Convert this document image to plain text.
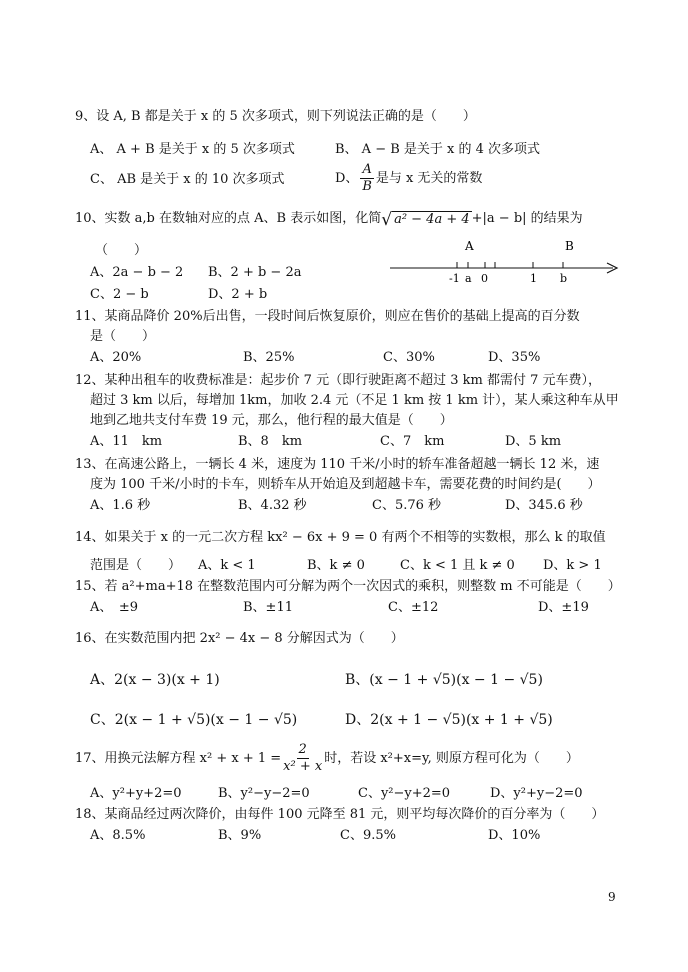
9、设 A, B 都是关于 x 的 5 次多项式，则下列说法正确的是（　　）
A、 A + B 是关于 x 的 5 次多项式	B、 A − B 是关于 x 的 4 次多项式
C、 AB 是关于 x 的 10 次多项式	D、 $\frac{A}{B}$ 是与 x 无关的常数
10、实数 a,b 在数轴对应的点 A、B 表示如图，化简 √ a² − 4a + 4 +|a − b| 的结果为
（　　）
A、2a − b − 2 B、2 + b − 2a
C、2 − b	D、2 + b
A	B
-1 a 0	1 b
11、某商品降价 20%后出售，一段时间后恢复原价，则应在售价的基础上提高的百分数
是（　　）
A、20%	B、25%	C、30%	D、35%
12、某种出租车的收费标准是：起步价 7 元（即行驶距离不超过 3 km 都需付 7 元车费），
超过 3 km 以后，每增加 1km，加收 2.4 元（不足 1 km 按 1 km 计），某人乘这种车从甲
地到乙地共支付车费 19 元，那么，他行程的最大值是（　　）
A、11　km	B、8　km	C、7　km	D、5 km
13、在高速公路上，一辆长 4 米，速度为 110 千米/小时的轿车准备超越一辆长 12 米，速
度为 100 千米/小时的卡车，则轿车从开始追及到超越卡车，需要花费的时间约是(　　）
A、1.6 秒	B、4.32 秒	C、5.76 秒	D、345.6 秒
14、如果关于 x 的一元二次方程 kx² − 6x + 9 = 0 有两个不相等的实数根，那么 k 的取值
范围是（　　） A、k < 1	B、k ≠ 0	C、k < 1 且 k ≠ 0 D、k > 1
15、若 a²+ma+18 在整数范围内可分解为两个一次因式的乘积，则整数 m 不可能是（　　）
A、　±9	B、±11	C、±12	D、±19
16、在实数范围内把 2x² − 4x − 8 分解因式为（　　）
A、2(x − 3)(x + 1)	B、(x − 1 + √5)(x − 1 − √5)
C、2(x − 1 + √5)(x − 1 − √5)	D、2(x + 1 − √5)(x + 1 + √5)
17、用换元法解方程 $x^2 + x + 1 = \frac{2}{\text{x² + x}}$ 时，若设 x²+x=y, 则原方程可化为（　　）
A、y²+y+2=0	B、y²−y−2=0	C、y²−y+2=0	D、y²+y−2=0
18、某商品经过两次降价，由每件 100 元降至 81 元，则平均每次降价的百分率为（　　）
A、8.5%	B、9%	C、9.5%	D、10%
9
